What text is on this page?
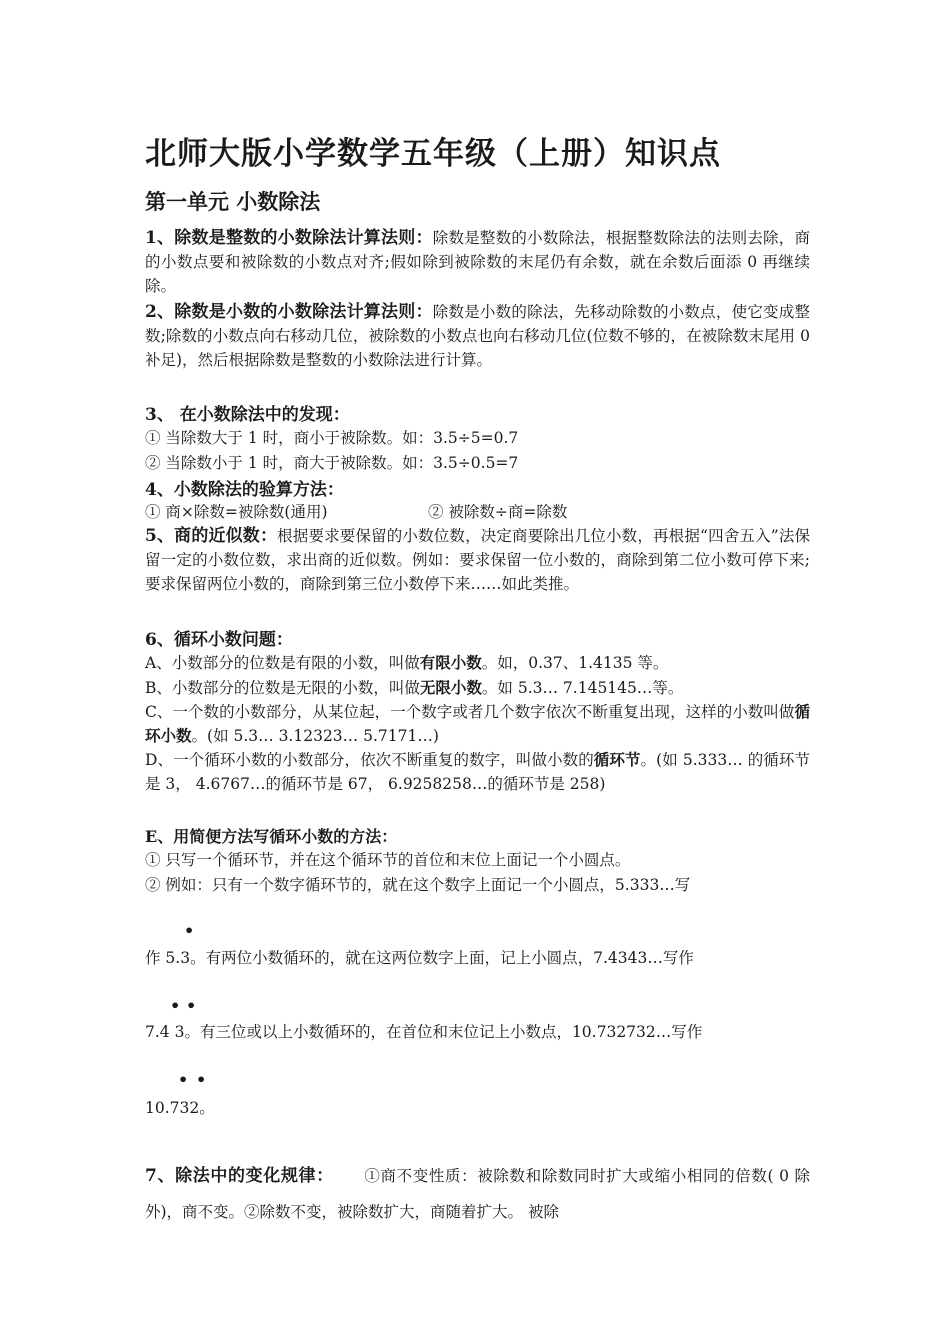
北师大版小学数学五年级（上册）知识点
第一单元 小数除法
1、除数是整数的小数除法计算法则：除数是整数的小数除法，根据整数除法的法则去除，商的小数点要和被除数的小数点对齐;假如除到被除数的末尾仍有余数，就在余数后面添 0 再继续除。
2、除数是小数的小数除法计算法则：除数是小数的除法，先移动除数的小数点，使它变成整数;除数的小数点向右移动几位，被除数的小数点也向右移动几位(位数不够的，在被除数末尾用 0 补足)，然后根据除数是整数的小数除法进行计算。
3、 在小数除法中的发现：
① 当除数大于 1 时，商小于被除数。如：3.5÷5=0.7
② 当除数小于 1 时，商大于被除数。如：3.5÷0.5=7
4、小数除法的验算方法：
① 商×除数=被除数(通用)	② 被除数÷商=除数
5、商的近似数：根据要求要保留的小数位数，决定商要除出几位小数，再根据“四舍五入”法保留一定的小数位数，求出商的近似数。例如：要求保留一位小数的，商除到第二位小数可停下来;要求保留两位小数的，商除到第三位小数停下来……如此类推。
6、循环小数问题：
A、小数部分的位数是有限的小数，叫做有限小数。如，0.37、1.4135 等。
B、小数部分的位数是无限的小数，叫做无限小数。如 5.3… 7.145145…等。
C、一个数的小数部分，从某位起，一个数字或者几个数字依次不断重复出现，这样的小数叫做循环小数。(如 5.3… 3.12323… 5.7171…)
D、一个循环小数的小数部分，依次不断重复的数字，叫做小数的循环节。(如 5.333… 的循环节是 3， 4.6767…的循环节是 67， 6.9258258…的循环节是 258)
E、用简便方法写循环小数的方法：
① 只写一个循环节，并在这个循环节的首位和末位上面记一个小圆点。
② 例如：只有一个数字循环节的，就在这个数字上面记一个小圆点，5.333…写
•
作 5.3。有两位小数循环的，就在这两位数字上面，记上小圆点，7.4343…写作
• •
7.4 3。有三位或以上小数循环的，在首位和末位记上小数点，10.732732…写作
• •
10.732。
7、除法中的变化规律： ①商不变性质：被除数和除数同时扩大或缩小相同的倍数( 0 除外)，商不变。②除数不变，被除数扩大，商随着扩大。 被除
